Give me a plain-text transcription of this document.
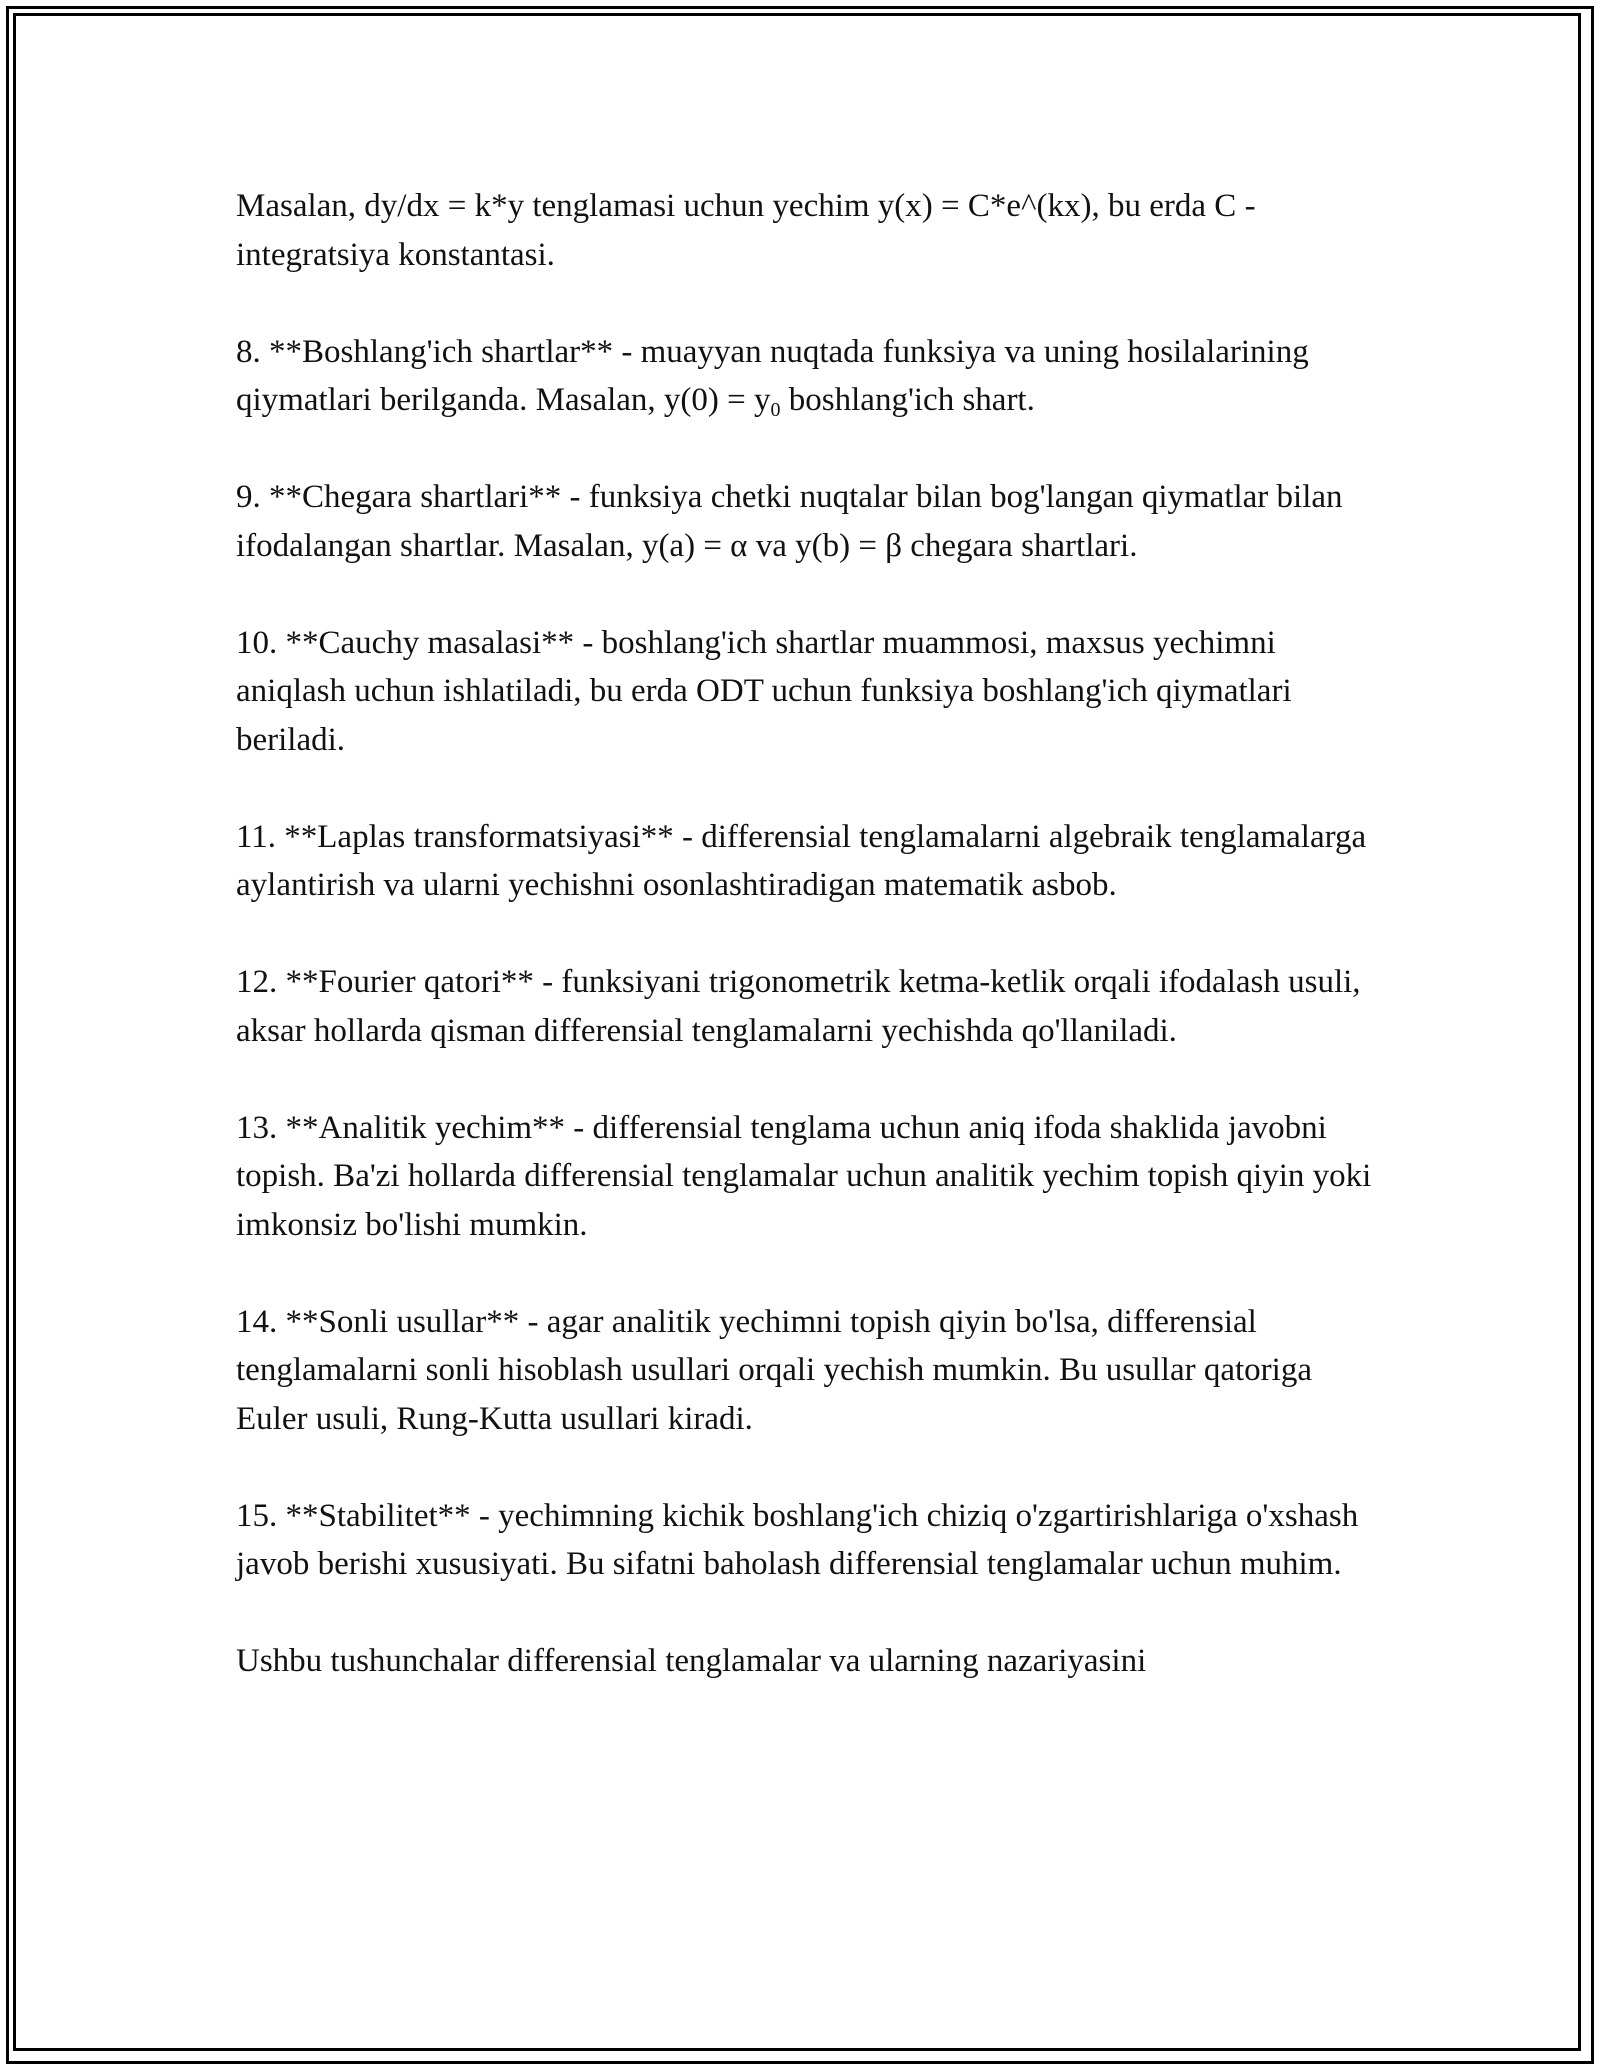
Masalan, dy/dx = k*y tenglamasi uchun yechim y(x) = C*e^(kx), bu erda C - integratsiya konstantasi.

8. **Boshlang'ich shartlar** - muayyan nuqtada funksiya va uning hosilalarining qiymatlari berilganda. Masalan, $y(0) = y_0$ boshlang'ich shart.

9. **Chegara shartlari** - funksiya chetki nuqtalar bilan bog'langan qiymatlar bilan ifodalangan shartlar. Masalan, y(a) = α va y(b) = β chegara shartlari.

10. **Cauchy masalasi** - boshlang'ich shartlar muammosi, maxsus yechimni aniqlash uchun ishlatiladi, bu erda ODT uchun funksiya boshlang'ich qiymatlari beriladi.

11. **Laplas transformatsiyasi** - differensial tenglamalarni algebraik tenglamalarga aylantirish va ularni yechishni osonlashtiradigan matematik asbob.

12. **Fourier qatori** - funksiyani trigonometrik ketma-ketlik orqali ifodalash usuli, aksar hollarda qisman differensial tenglamalarni yechishda qo'llaniladi.

13. **Analitik yechim** - differensial tenglama uchun aniq ifoda shaklida javobni topish. Ba'zi hollarda differensial tenglamalar uchun analitik yechim topish qiyin yoki imkonsiz bo'lishi mumkin.

14. **Sonli usullar** - agar analitik yechimni topish qiyin bo'lsa, differensial tenglamalarni sonli hisoblash usullari orqali yechish mumkin. Bu usullar qatoriga Euler usuli, Rung-Kutta usullari kiradi.

15. **Stabilitet** - yechimning kichik boshlang'ich chiziq o'zgartirishlariga o'xshash javob berishi xususiyati. Bu sifatni baholash differensial tenglamalar uchun muhim.

Ushbu tushunchalar differensial tenglamalar va ularning nazariyasini
